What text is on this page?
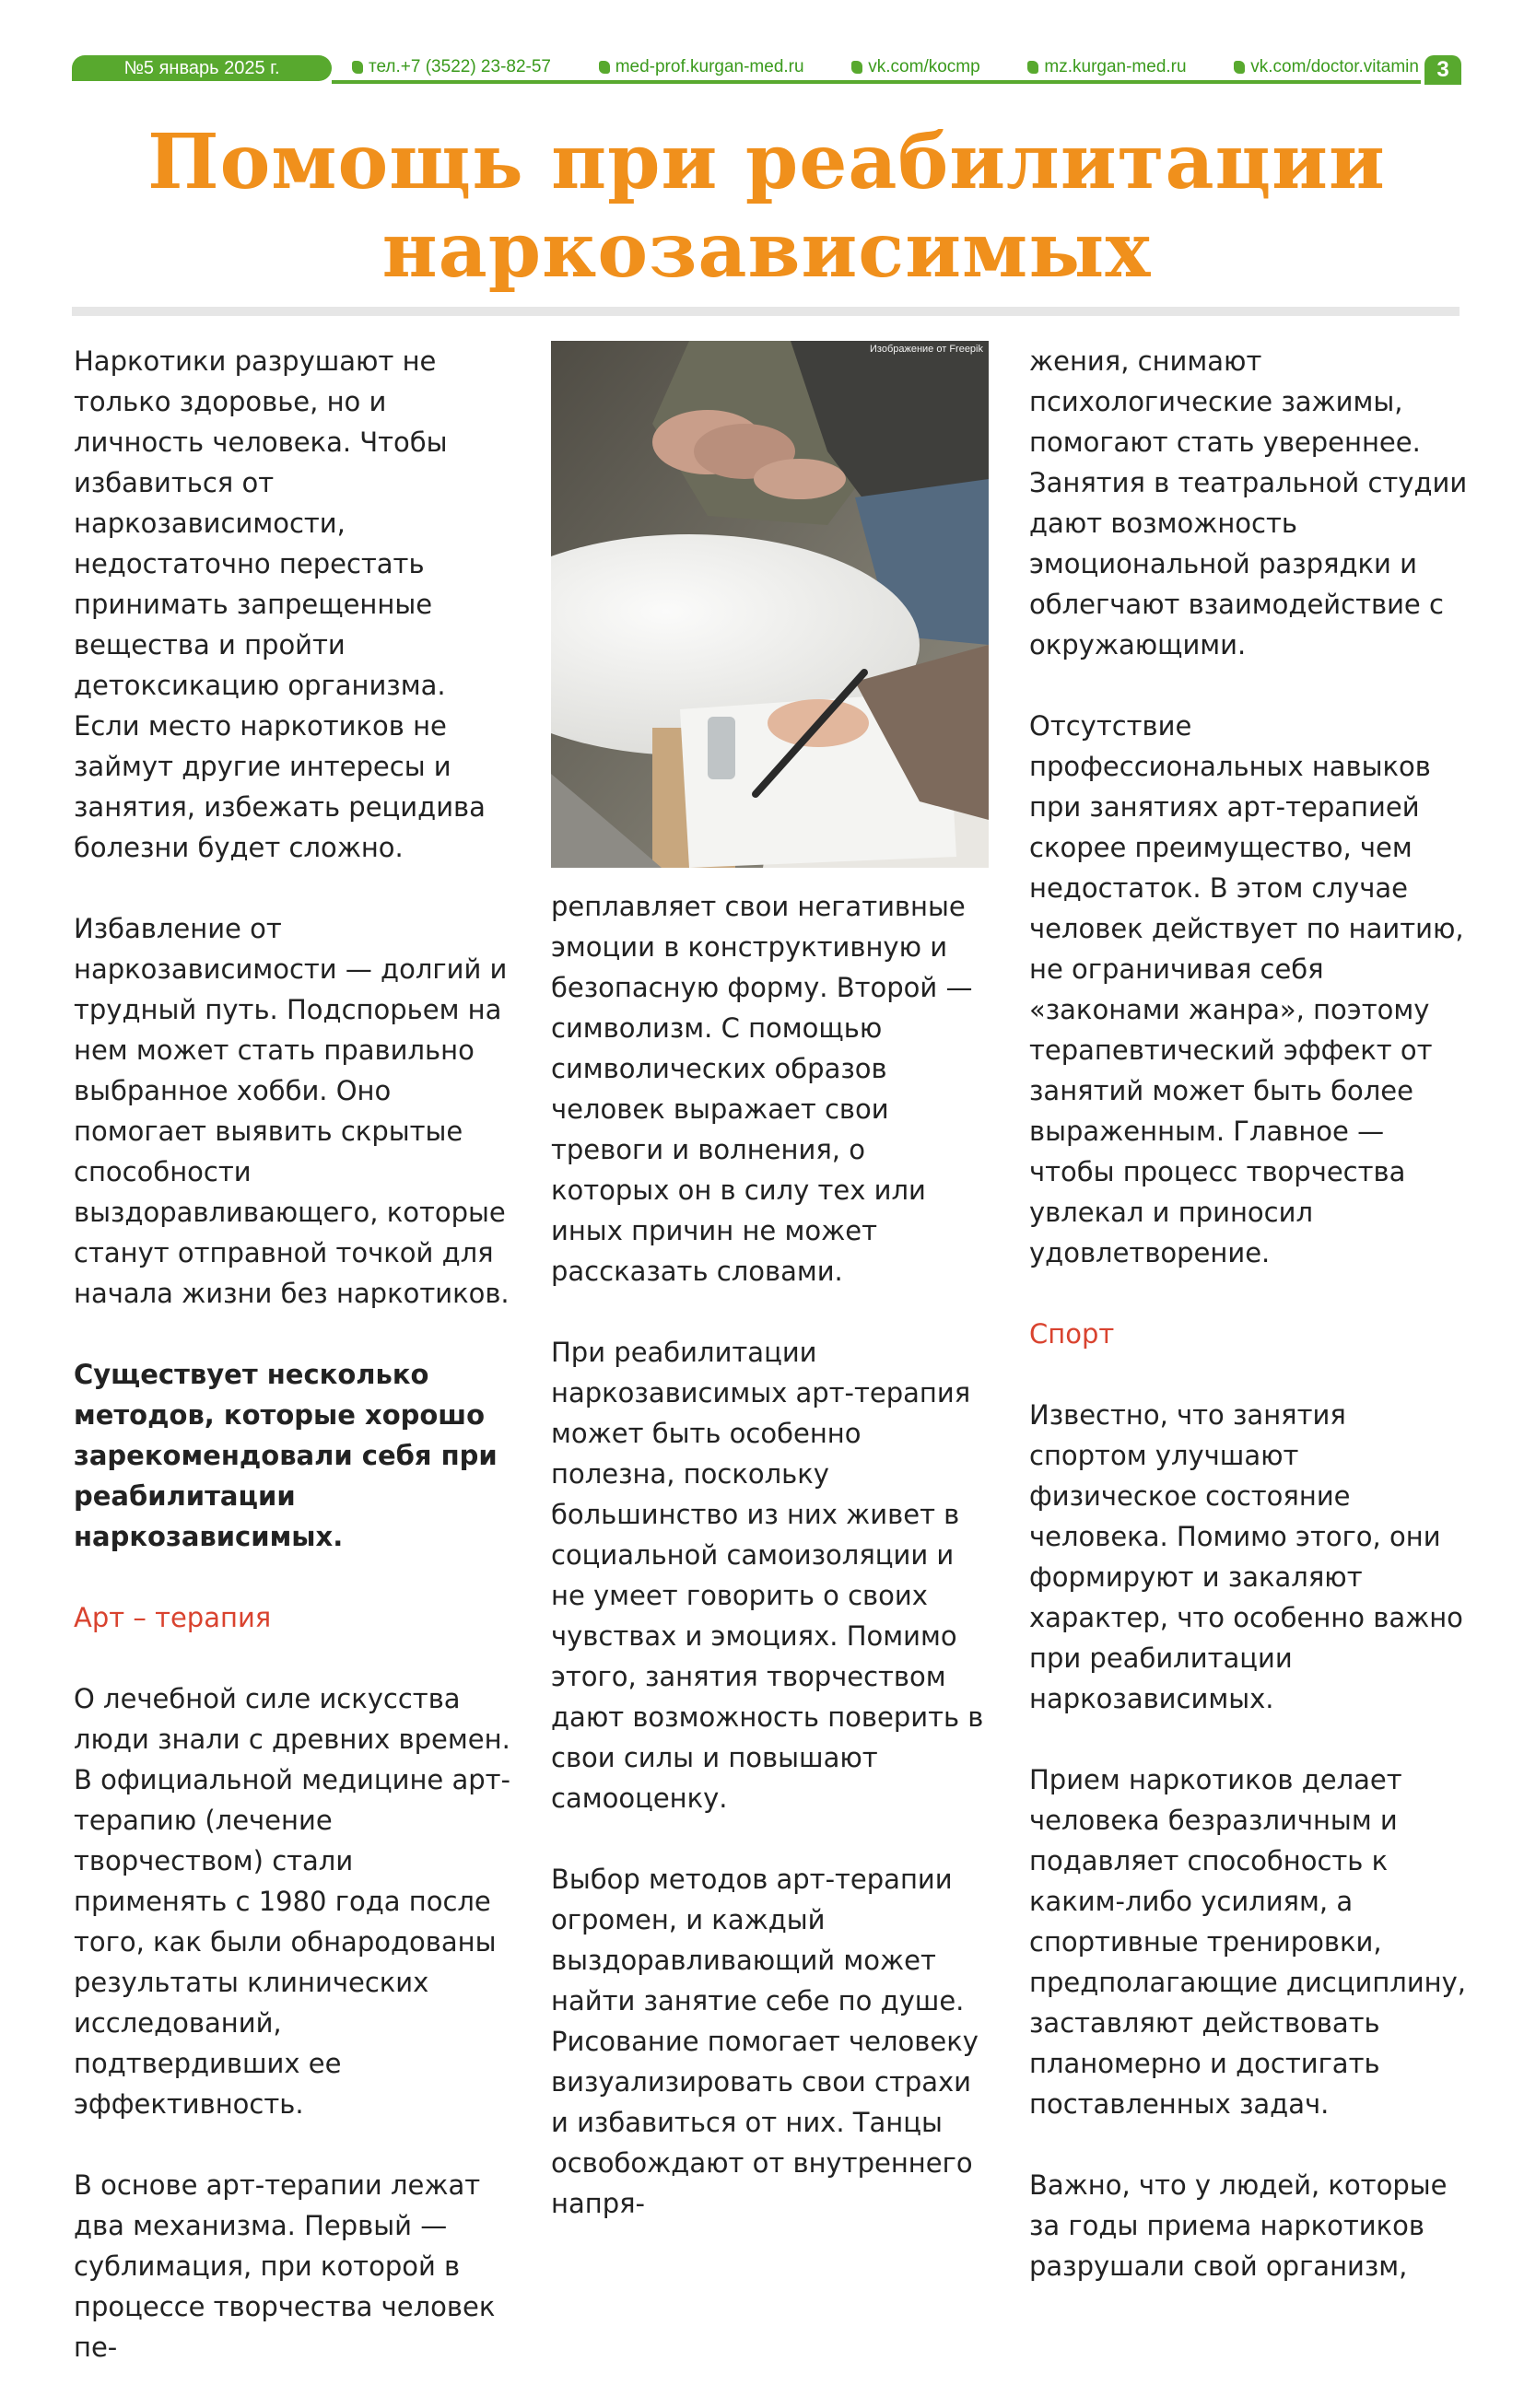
№5 январь 2025 г.	тел.+7 (3522) 23-82-57	med-prof.kurgan-med.ru	vk.com/kocmp	mz.kurgan-med.ru	vk.com/doctor.vitamin 3
Помощь при реабилитации
наркозависимых

Наркотики разрушают не только здоровье, но и личность человека. Чтобы избавиться от наркозависимости, недостаточно перестать принимать запрещенные вещества и пройти детоксикацию организма. Если место наркотиков не займут другие интересы и занятия, избежать рецидива болезни будет сложно.

Избавление от наркозависимости — долгий и трудный путь. Подспорьем на нем может стать правильно выбранное хобби. Оно помогает выявить скрытые способности выздоравливающего, которые станут отправной точкой для начала жизни без наркотиков.

Существует несколько методов, которые хорошо зарекомендовали себя при реабилитации наркозависимых.

Арт – терапия

О лечебной силе искусства люди знали с древних времен. В официальной медицине арт-терапию (лечение творчеством) стали применять с 1980 года после того, как были обнародованы результаты клинических исследований, подтвердивших ее эффективность.

В основе арт-терапии лежат два механизма. Первый — сублимация, при которой в процессе творчества человек пе-

Изображение от Freepik

реплавляет свои негативные эмоции в конструктивную и безопасную форму. Второй — символизм. С помощью символических образов человек выражает свои тревоги и волнения, о которых он в силу тех или иных причин не может рассказать словами.

При реабилитации наркозависимых арт-терапия может быть особенно полезна, поскольку большинство из них живет в социальной самоизоляции и не умеет говорить о своих чувствах и эмоциях. Помимо этого, занятия творчеством дают возможность поверить в свои силы и повышают самооценку.

Выбор методов арт-терапии огромен, и каждый выздоравливающий может найти занятие себе по душе. Рисование помогает человеку визуализировать свои страхи и избавиться от них. Танцы освобождают от внутреннего напря-

жения, снимают психологические зажимы, помогают стать увереннее. Занятия в театральной студии дают возможность эмоциональной разрядки и облегчают взаимодействие с окружающими.

Отсутствие профессиональных навыков при занятиях арт-терапией скорее преимущество, чем недостаток. В этом случае человек действует по наитию, не ограничивая себя «законами жанра», поэтому терапевтический эффект от занятий может быть более выраженным. Главное — чтобы процесс творчества увлекал и приносил удовлетворение.

Спорт

Известно, что занятия спортом улучшают физическое состояние человека. Помимо этого, они формируют и закаляют характер, что особенно важно при реабилитации наркозависимых.

Прием наркотиков делает человека безразличным и подавляет способность к каким-либо усилиям, а спортивные тренировки, предполагающие дисциплину, заставляют действовать планомерно и достигать поставленных задач.

Важно, что у людей, которые за годы приема наркотиков разрушали свой организм,
